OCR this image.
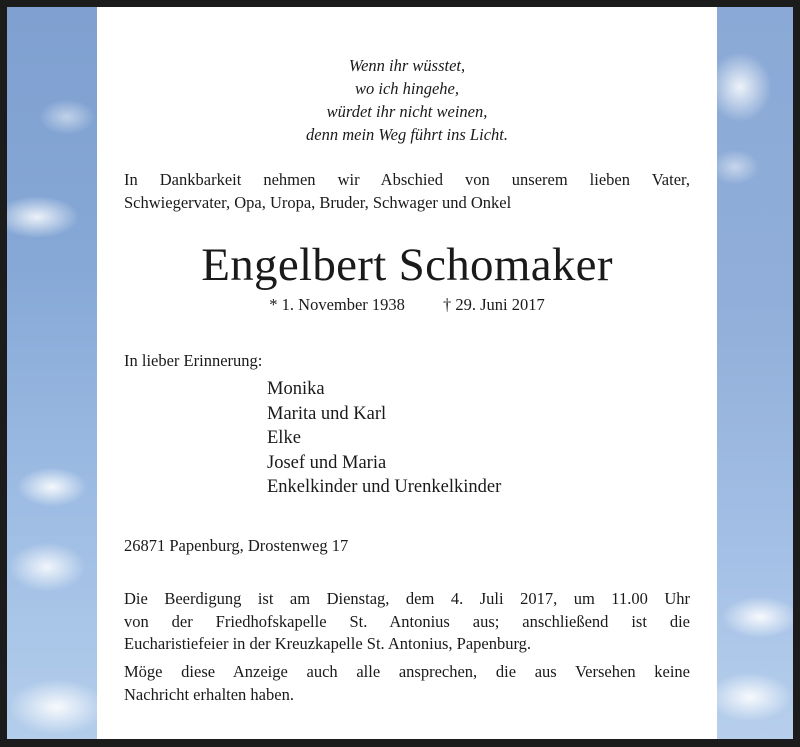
Wenn ihr wüsstet,
wo ich hingehe,
würdet ihr nicht weinen,
denn mein Weg führt ins Licht.
In Dankbarkeit nehmen wir Abschied von unserem lieben Vater,
Schwiegervater, Opa, Uropa, Bruder, Schwager und Onkel
Engelbert Schomaker
* 1. November 1938 † 29. Juni 2017
In lieber Erinnerung:
Monika
Marita und Karl
Elke
Josef und Maria
Enkelkinder und Urenkelkinder
26871 Papenburg, Drostenweg 17
Die Beerdigung ist am Dienstag, dem 4. Juli 2017, um 11.00 Uhr
von der Friedhofskapelle St. Antonius aus; anschließend ist die
Eucharistiefeier in der Kreuzkapelle St. Antonius, Papenburg.
Möge diese Anzeige auch alle ansprechen, die aus Versehen keine
Nachricht erhalten haben.
